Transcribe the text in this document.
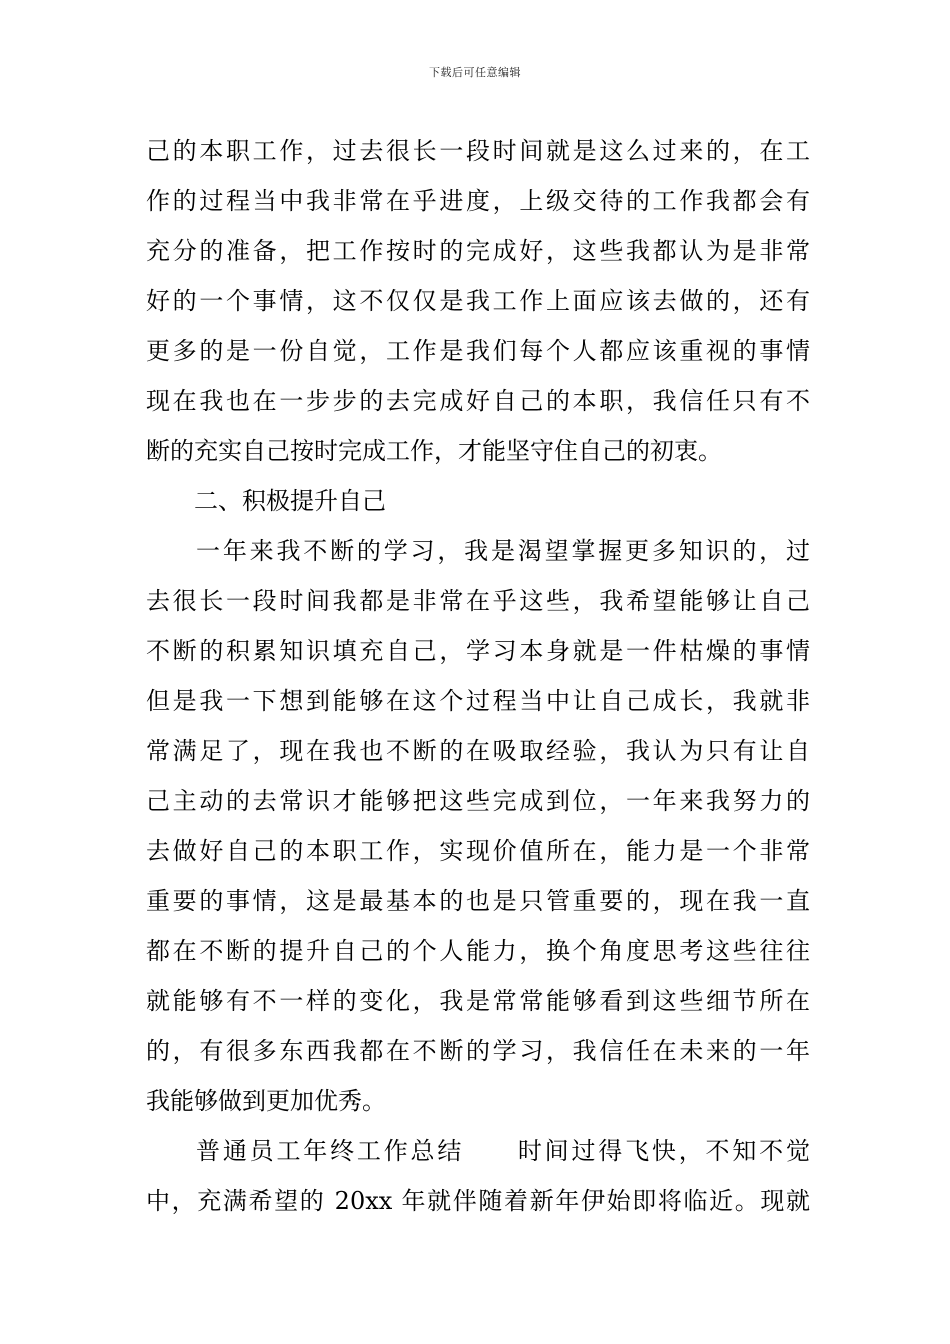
下载后可任意编辑
己的本职工作，过去很长一段时间就是这么过来的，在工
作的过程当中我非常在乎进度，上级交待的工作我都会有
充分的准备，把工作按时的完成好，这些我都认为是非常
好的一个事情，这不仅仅是我工作上面应该去做的，还有
更多的是一份自觉，工作是我们每个人都应该重视的事情
现在我也在一步步的去完成好自己的本职，我信任只有不
断的充实自己按时完成工作，才能坚守住自己的初衷。
二、积极提升自己
一年来我不断的学习，我是渴望掌握更多知识的，过
去很长一段时间我都是非常在乎这些，我希望能够让自己
不断的积累知识填充自己，学习本身就是一件枯燥的事情
但是我一下想到能够在这个过程当中让自己成长，我就非
常满足了，现在我也不断的在吸取经验，我认为只有让自
己主动的去常识才能够把这些完成到位，一年来我努力的
去做好自己的本职工作，实现价值所在，能力是一个非常
重要的事情，这是最基本的也是只管重要的，现在我一直
都在不断的提升自己的个人能力，换个角度思考这些往往
就能够有不一样的变化，我是常常能够看到这些细节所在
的，有很多东西我都在不断的学习，我信任在未来的一年
我能够做到更加优秀。
普通员工年终工作总结　　时间过得飞快，不知不觉
中，充满希望的 20xx 年就伴随着新年伊始即将临近。现就
